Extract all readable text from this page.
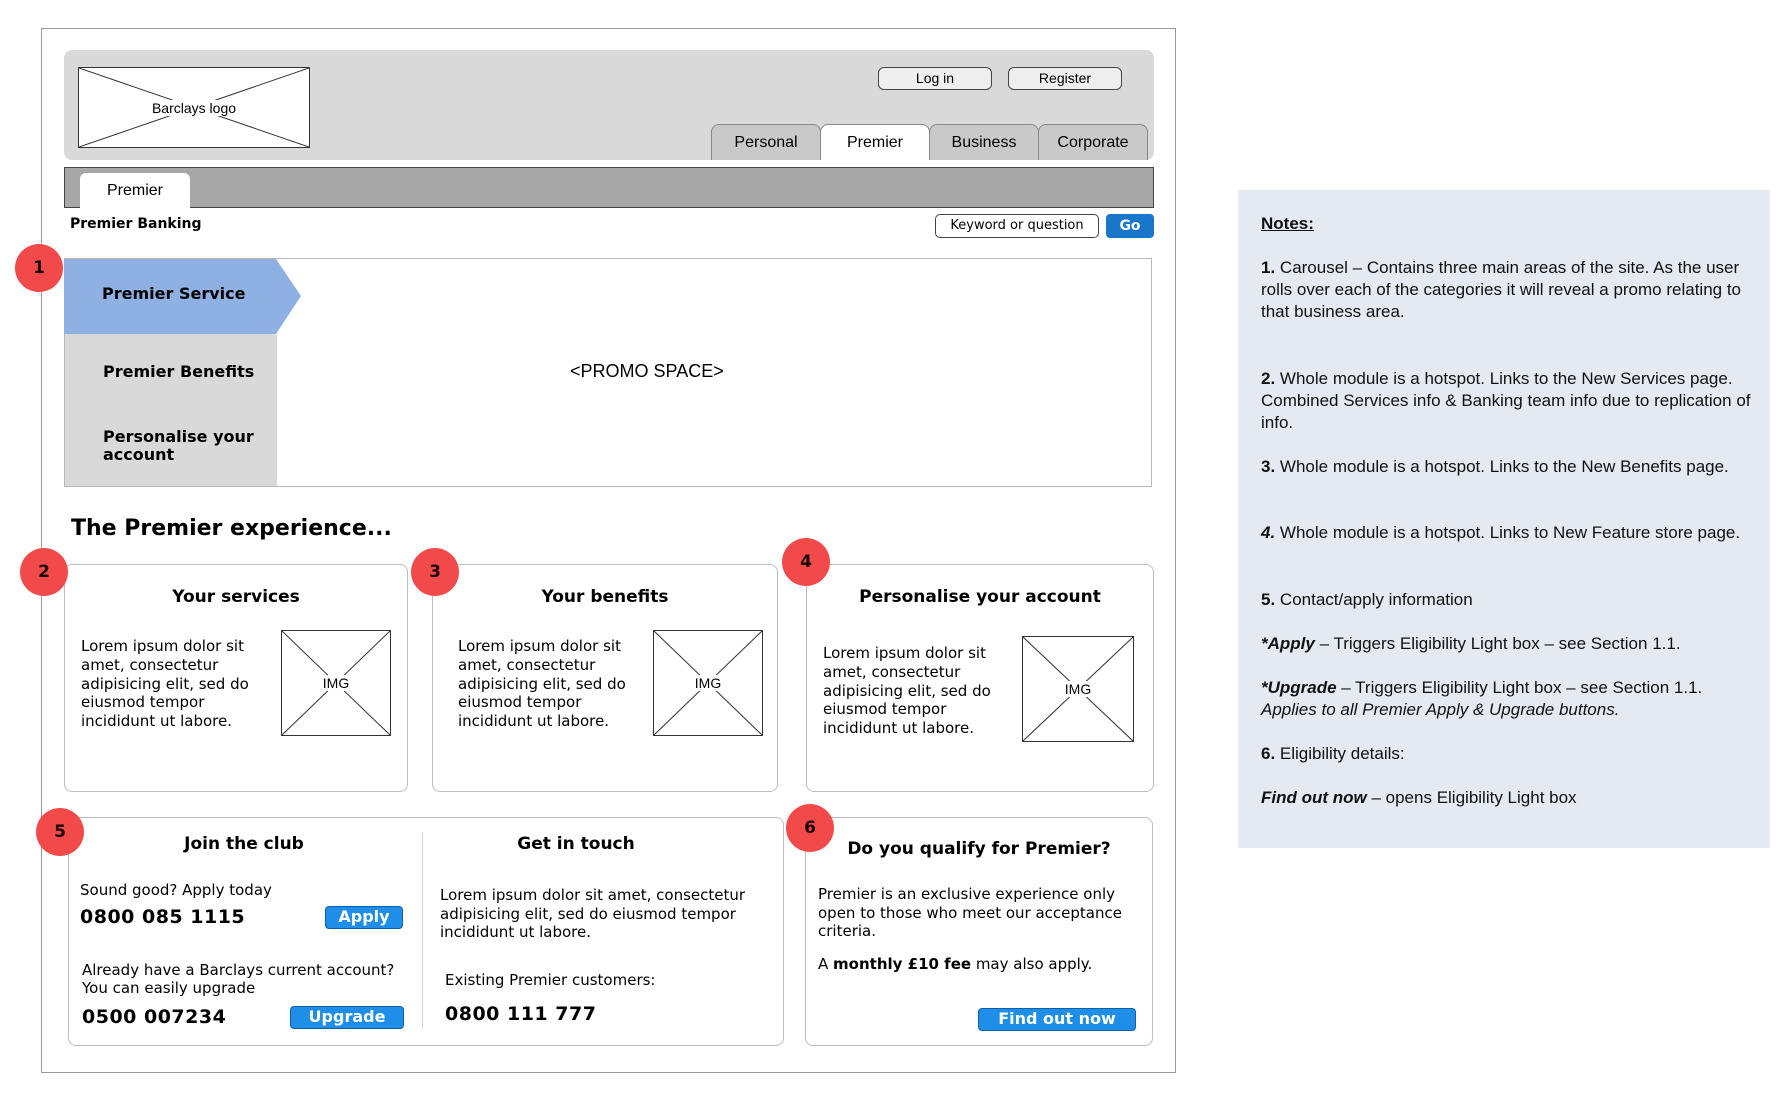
Barclays logo
Log in	Register
Personal	Premier	Business	Corporate
Premier
Premier Banking	Keyword or question	Go
Premier Service
Premier Benefits
Personalise your account
<PROMO SPACE>
The Premier experience...
Your services
Lorem ipsum dolor sit amet, consectetur adipisicing elit, sed do eiusmod tempor incididunt ut labore.
IMG
Your benefits
Lorem ipsum dolor sit amet, consectetur adipisicing elit, sed do eiusmod tempor incididunt ut labore.
IMG
Personalise your account
Lorem ipsum dolor sit amet, consectetur adipisicing elit, sed do eiusmod tempor incididunt ut labore.
IMG
Join the club
Sound good? Apply today
0800 085 1115	Apply
Already have a Barclays current account?
You can easily upgrade
0500 007234	Upgrade
Get in touch
Lorem ipsum dolor sit amet, consectetur adipisicing elit, sed do eiusmod tempor incididunt ut labore.
Existing Premier customers:
0800 111 777
Do you qualify for Premier?
Premier is an exclusive experience only open to those who meet our acceptance criteria.
A monthly £10 fee may also apply.
Find out now
1
2	3	4
5	6
Notes:
1. Carousel – Contains three main areas of the site. As the user rolls over each of the categories it will reveal a promo relating to that business area.
2. Whole module is a hotspot. Links to the New Services page. Combined Services info & Banking team info due to replication of info.
3. Whole module is a hotspot. Links to the New Benefits page.
4. Whole module is a hotspot. Links to New Feature store page.
5. Contact/apply information
*Apply – Triggers Eligibility Light box – see Section 1.1.
*Upgrade – Triggers Eligibility Light box – see Section 1.1.
Applies to all Premier Apply & Upgrade buttons.
6. Eligibility details:
Find out now – opens Eligibility Light box
